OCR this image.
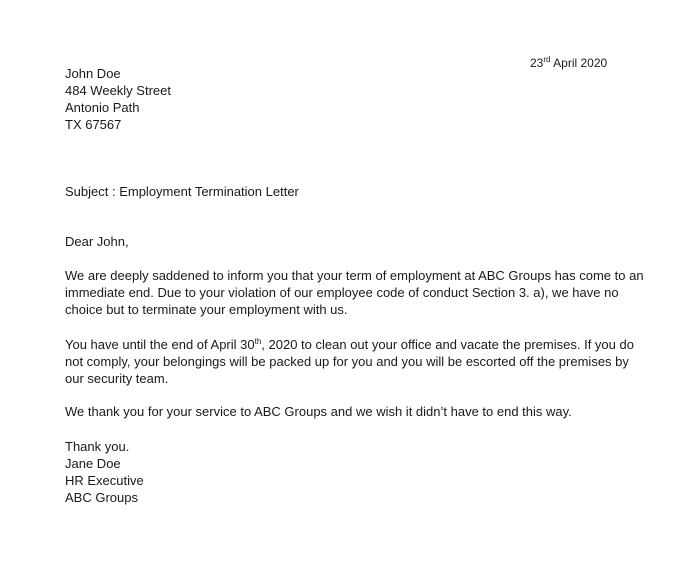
23rd April 2020
John Doe
484 Weekly Street
Antonio Path
TX 67567
Subject : Employment Termination Letter
Dear John,
We are deeply saddened to inform you that your term of employment at ABC Groups has come to an
immediate end. Due to your violation of our employee code of conduct Section 3. a), we have no
choice but to terminate your employment with us.
You have until the end of April 30th, 2020 to clean out your office and vacate the premises. If you do
not comply, your belongings will be packed up for you and you will be escorted off the premises by
our security team.
We thank you for your service to ABC Groups and we wish it didn’t have to end this way.
Thank you.
Jane Doe
HR Executive
ABC Groups
